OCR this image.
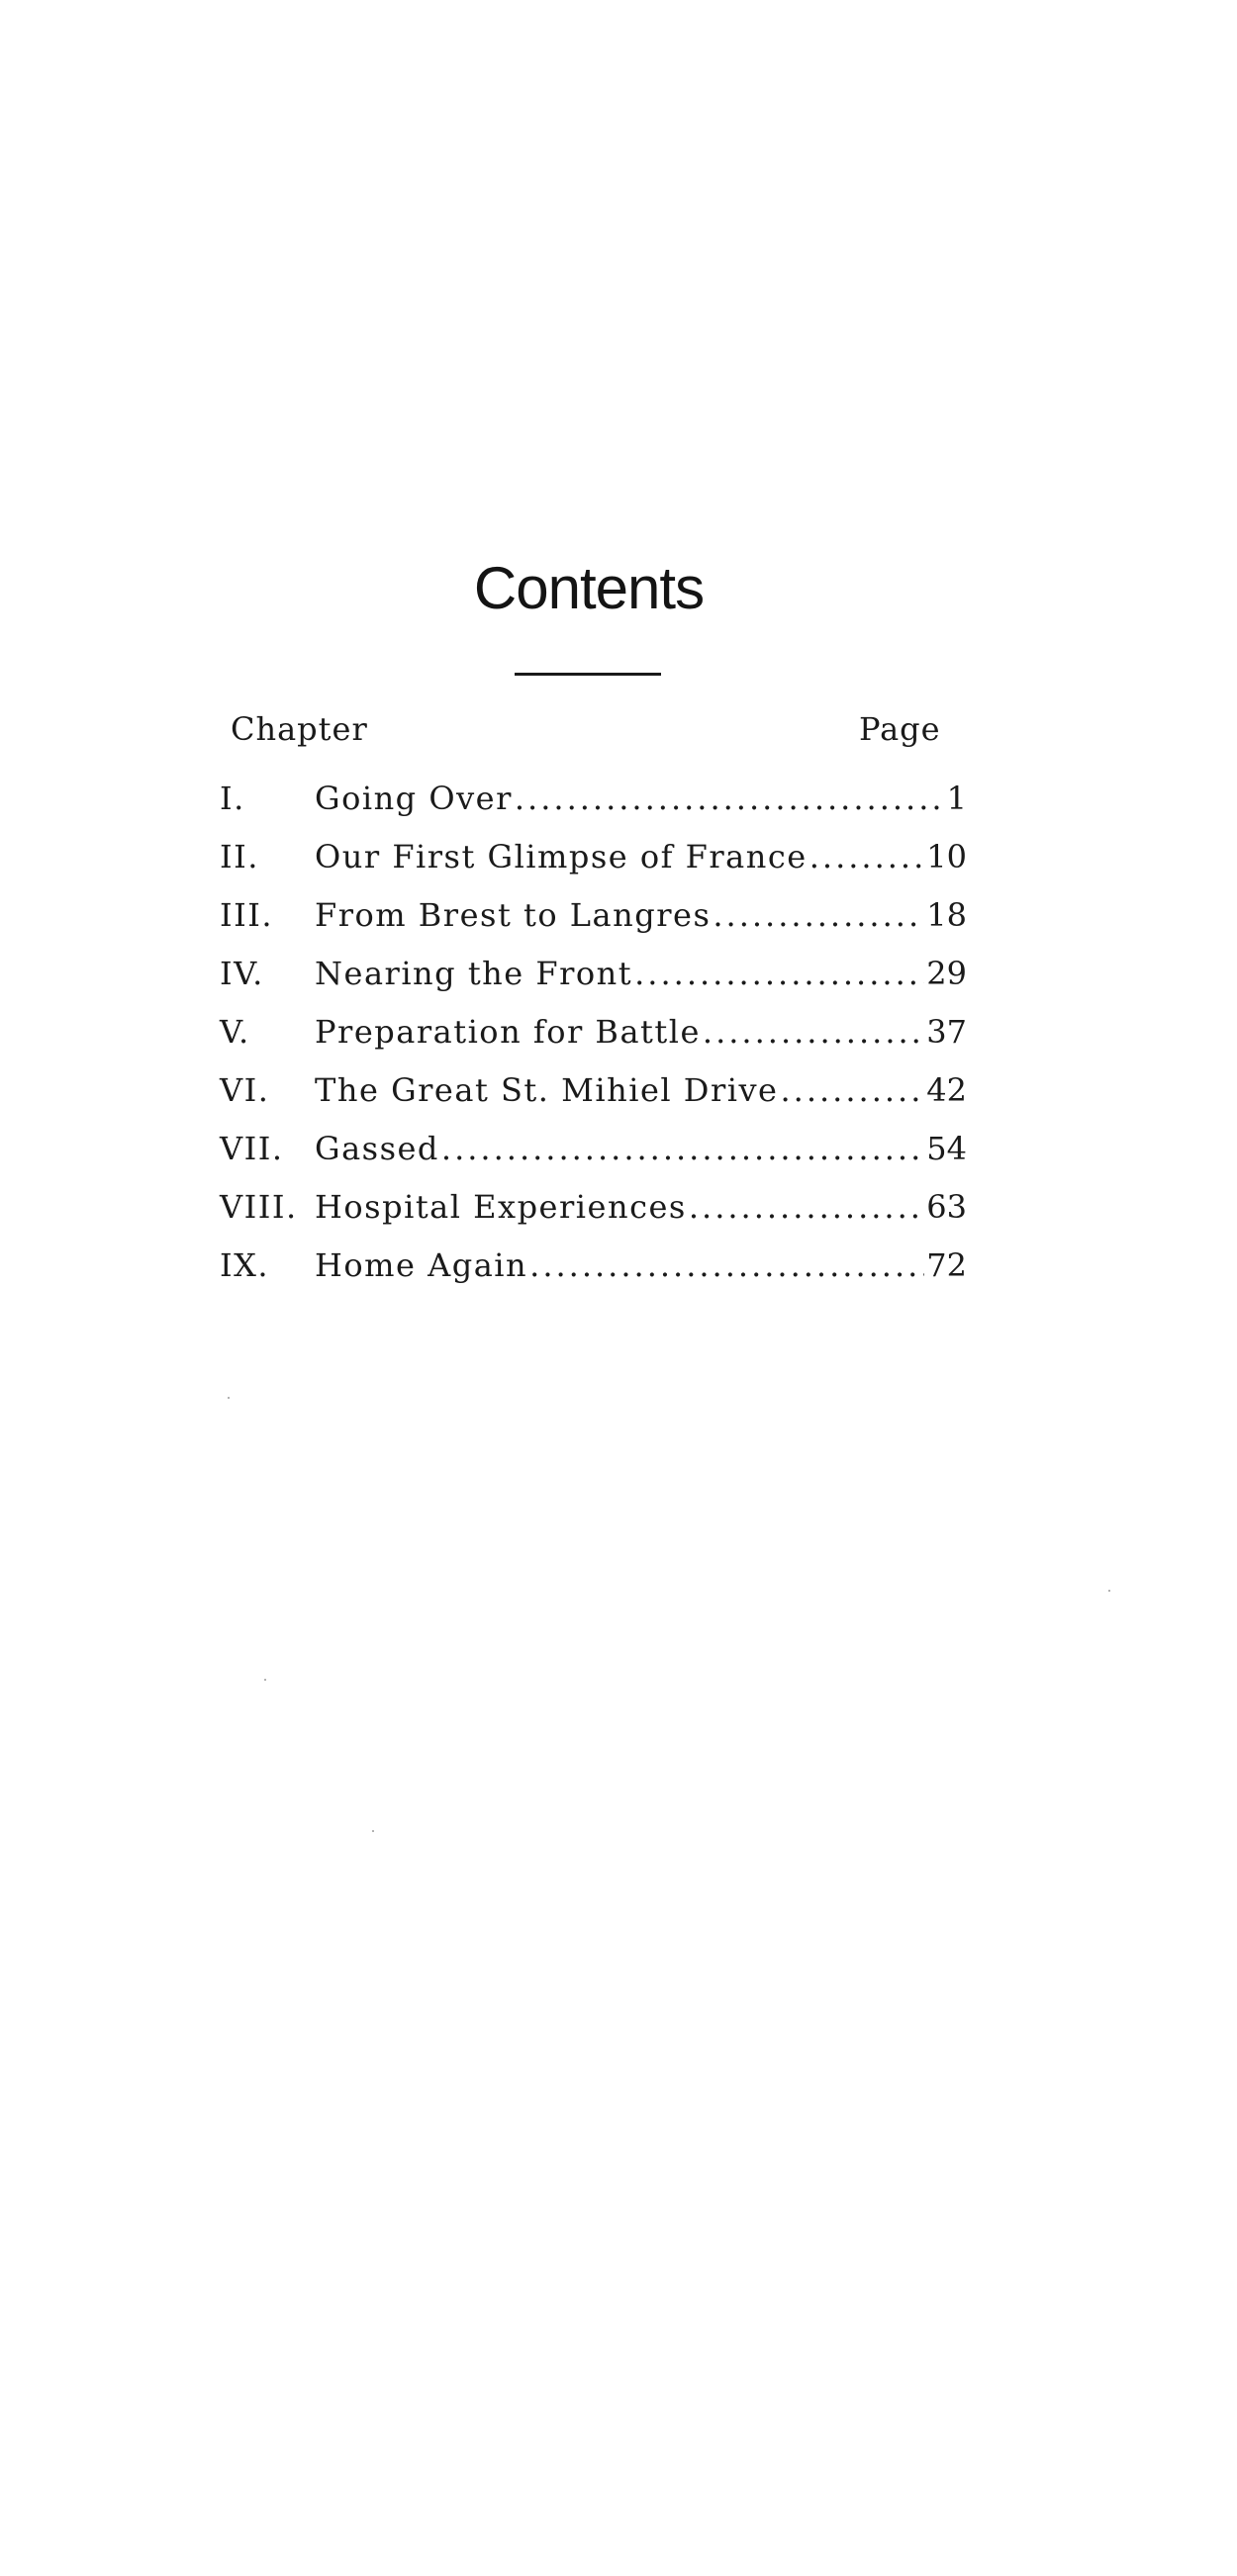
Contents
Chapter	Page
I. Going Over .....	1
II. Our First Glimpse of France .....	10
III. From Brest to Langres .....	18
IV. Nearing the Front .....	29
V. Preparation for Battle .....	37
VI. The Great St. Mihiel Drive .....	42
VII. Gassed .....	54
VIII. Hospital Experiences .....	63
IX. Home Again .....	72
